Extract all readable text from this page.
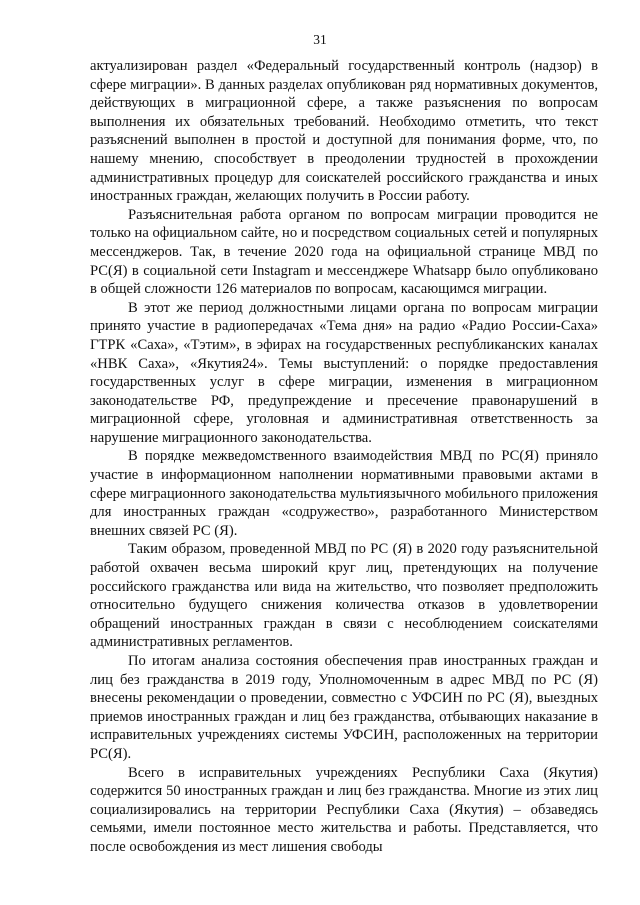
31

актуализирован раздел «Федеральный государственный контроль (надзор) в сфере миграции». В данных разделах опубликован ряд нормативных документов, действующих в миграционной сфере, а также разъяснения по вопросам выполнения их обязательных требований. Необходимо отметить, что текст разъяснений выполнен в простой и доступной для понимания форме, что, по нашему мнению, способствует в преодолении трудностей в прохождении административных процедур для соискателей российского гражданства и иных иностранных граждан, желающих получить в России работу.

Разъяснительная работа органом по вопросам миграции проводится не только на официальном сайте, но и посредством социальных сетей и популярных мессенджеров. Так, в течение 2020 года на официальной странице МВД по РС(Я) в социальной сети Instagram и мессенджере Whatsapp было опубликовано в общей сложности 126 материалов по вопросам, касающимся миграции.

В этот же период должностными лицами органа по вопросам миграции принято участие в радиопередачах «Тема дня» на радио «Радио России-Саха» ГТРК «Саха», «Тэтим», в эфирах на государственных республиканских каналах «НВК Саха», «Якутия24». Темы выступлений: о порядке предоставления государственных услуг в сфере миграции, изменения в миграционном законодательстве РФ, предупреждение и пресечение правонарушений в миграционной сфере, уголовная и административная ответственность за нарушение миграционного законодательства.

В порядке межведомственного взаимодействия МВД по РС(Я) приняло участие в информационном наполнении нормативными правовыми актами в сфере миграционного законодательства мультиязычного мобильного приложения для иностранных граждан «содружество», разработанного Министерством внешних связей РС (Я).

Таким образом, проведенной МВД по РС (Я) в 2020 году разъяснительной работой охвачен весьма широкий круг лиц, претендующих на получение российского гражданства или вида на жительство, что позволяет предположить относительно будущего снижения количества отказов в удовлетворении обращений иностранных граждан в связи с несоблюдением соискателями административных регламентов.

По итогам анализа состояния обеспечения прав иностранных граждан и лиц без гражданства в 2019 году, Уполномоченным в адрес МВД по РС (Я) внесены рекомендации о проведении, совместно с УФСИН по РС (Я), выездных приемов иностранных граждан и лиц без гражданства, отбывающих наказание в исправительных учреждениях системы УФСИН, расположенных на территории РС(Я).

Всего в исправительных учреждениях Республики Саха (Якутия) содержится 50 иностранных граждан и лиц без гражданства. Многие из этих лиц социализировались на территории Республики Саха (Якутия) – обзаведясь семьями, имели постоянное место жительства и работы. Представляется, что после освобождения из мест лишения свободы
